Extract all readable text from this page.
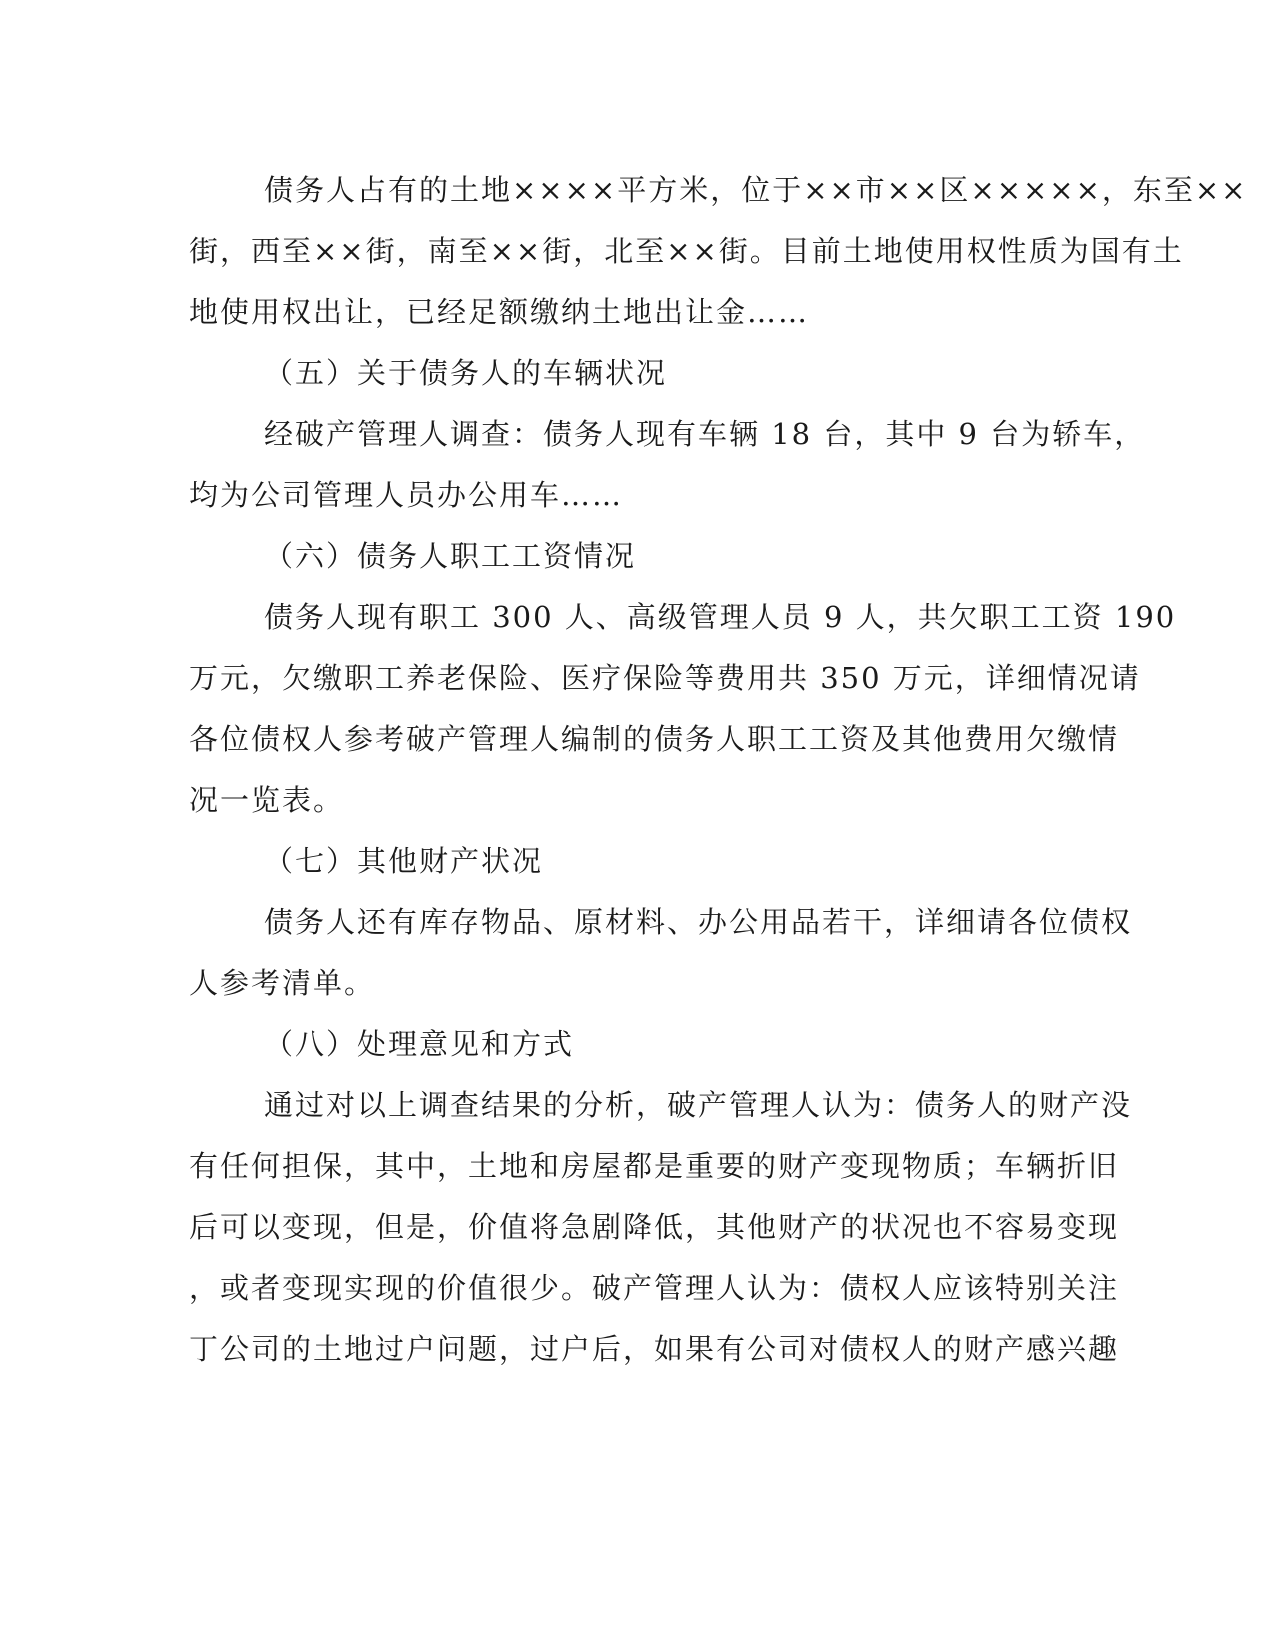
债务人占有的土地××××平方米，位于××市××区×××××，东至××
街，西至××街，南至××街，北至××街。目前土地使用权性质为国有土
地使用权出让，已经足额缴纳土地出让金……
（五）关于债务人的车辆状况
经破产管理人调查：债务人现有车辆 18 台，其中 9 台为轿车，
均为公司管理人员办公用车……
（六）债务人职工工资情况
债务人现有职工 300 人、高级管理人员 9 人，共欠职工工资 190
万元，欠缴职工养老保险、医疗保险等费用共 350 万元，详细情况请
各位债权人参考破产管理人编制的债务人职工工资及其他费用欠缴情
况一览表。
（七）其他财产状况
债务人还有库存物品、原材料、办公用品若干，详细请各位债权
人参考清单。
（八）处理意见和方式
通过对以上调查结果的分析，破产管理人认为：债务人的财产没
有任何担保，其中，土地和房屋都是重要的财产变现物质；车辆折旧
后可以变现，但是，价值将急剧降低，其他财产的状况也不容易变现
，或者变现实现的价值很少。破产管理人认为：债权人应该特别关注
丁公司的土地过户问题，过户后，如果有公司对债权人的财产感兴趣
